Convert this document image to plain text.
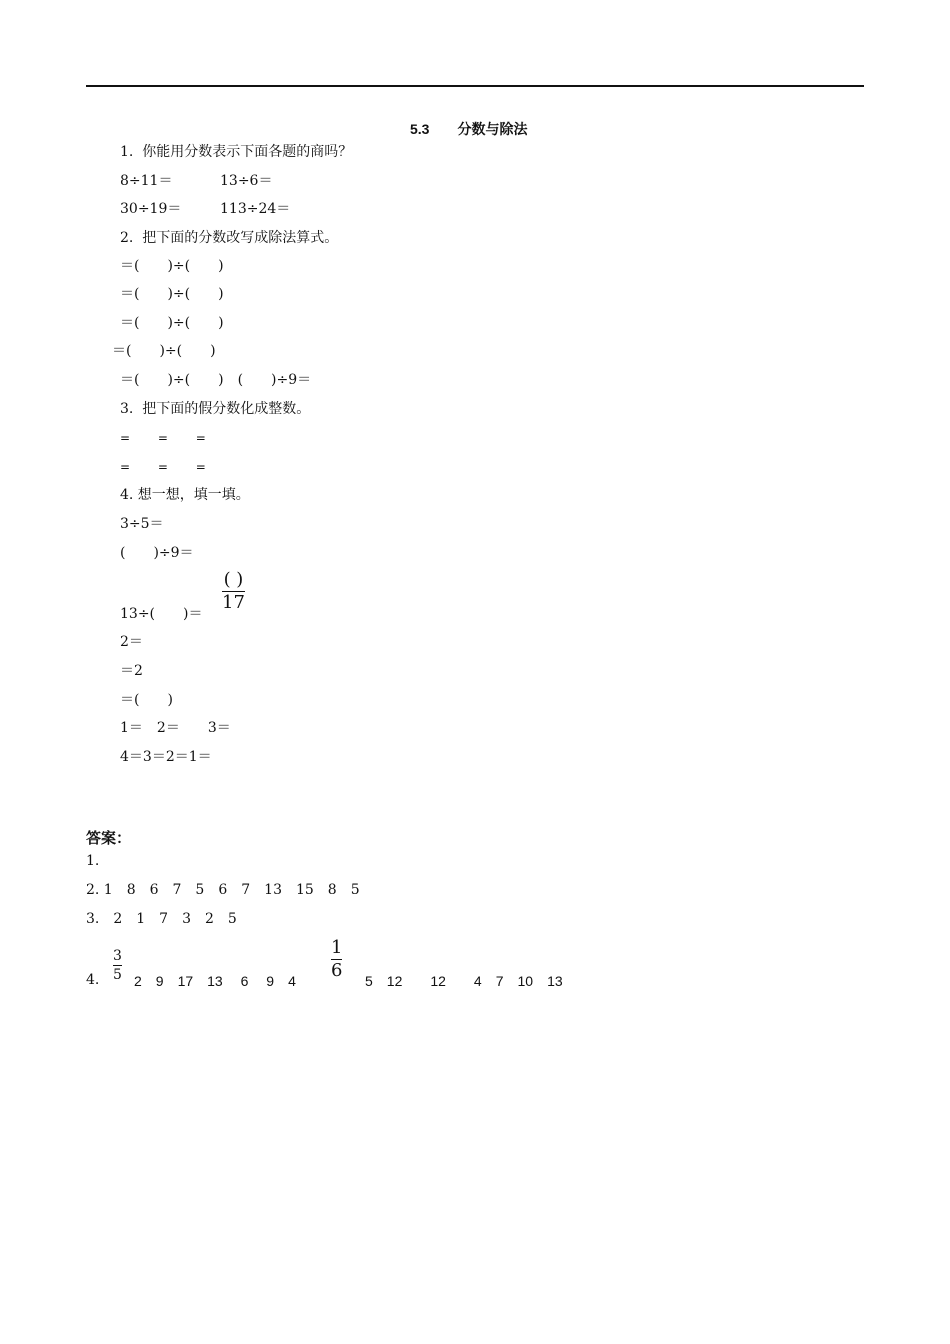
5.3　　分数与除法
1.  你能用分数表示下面各题的商吗？
8÷11＝	13÷6＝
30÷19＝	113÷24＝
2.  把下面的分数改写成除法算式。
＝(　　)÷(　　)
＝(　　)÷(　　)
＝(　　)÷(　　)
＝(　　)÷(　　)
＝(　　)÷(　　)　(　　)÷9＝
3.  把下面的假分数化成整数。
=　　 =　　 =
=　　 =　　 =
4. 想一想，填一填。
3÷5＝
(　　)÷9＝
( )
17
13÷(　　)＝
2＝
＝2
＝(　　)
1＝　2＝　　3＝
4＝3＝2＝1＝
答案：
1.
2. 1　8　6　7　5　6　7　13　15　8　5
3.　2　1　7　3　2　5
4.
3
5 2　9　17　13　 6　 9　4
1
6 5　12　　12　　4　7　10　13
